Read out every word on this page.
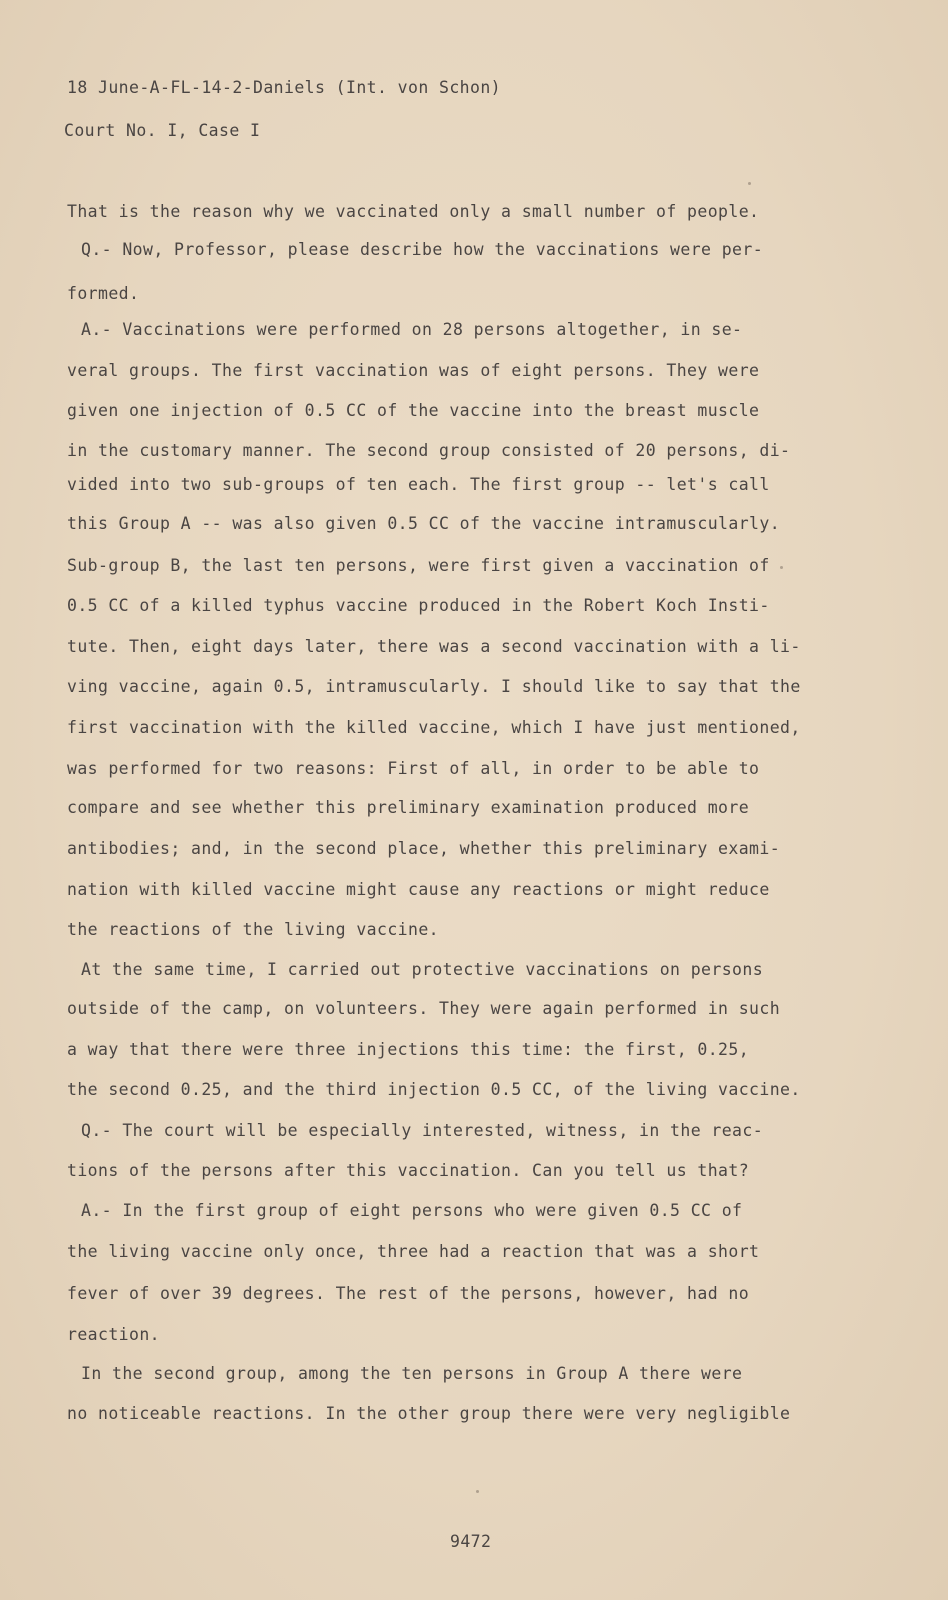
18 June-A-FL-14-2-Daniels (Int. von Schon)
Court No. I, Case I
That is the reason why we vaccinated only a small number of people.
Q.- Now, Professor, please describe how the vaccinations were per-
formed.
A.- Vaccinations were performed on 28 persons altogether, in se-
veral groups. The first vaccination was of eight persons. They were
given one injection of 0.5 CC of the vaccine into the breast muscle
in the customary manner. The second group consisted of 20 persons, di-
vided into two sub-groups of ten each. The first group -- let's call
this Group A -- was also given 0.5 CC of the vaccine intramuscularly.
Sub-group B, the last ten persons, were first given a vaccination of
0.5 CC of a killed typhus vaccine produced in the Robert Koch Insti-
tute. Then, eight days later, there was a second vaccination with a li-
ving vaccine, again 0.5, intramuscularly. I should like to say that the
first vaccination with the killed vaccine, which I have just mentioned,
was performed for two reasons: First of all, in order to be able to
compare and see whether this preliminary examination produced more
antibodies; and, in the second place, whether this preliminary exami-
nation with killed vaccine might cause any reactions or might reduce
the reactions of the living vaccine.
At the same time, I carried out protective vaccinations on persons
outside of the camp, on volunteers. They were again performed in such
a way that there were three injections this time: the first, 0.25,
the second 0.25, and the third injection 0.5 CC, of the living vaccine.
Q.- The court will be especially interested, witness, in the reac-
tions of the persons after this vaccination. Can you tell us that?
A.- In the first group of eight persons who were given 0.5 CC of
the living vaccine only once, three had a reaction that was a short
fever of over 39 degrees. The rest of the persons, however, had no
reaction.
In the second group, among the ten persons in Group A there were
no noticeable reactions. In the other group there were very negligible
9472
